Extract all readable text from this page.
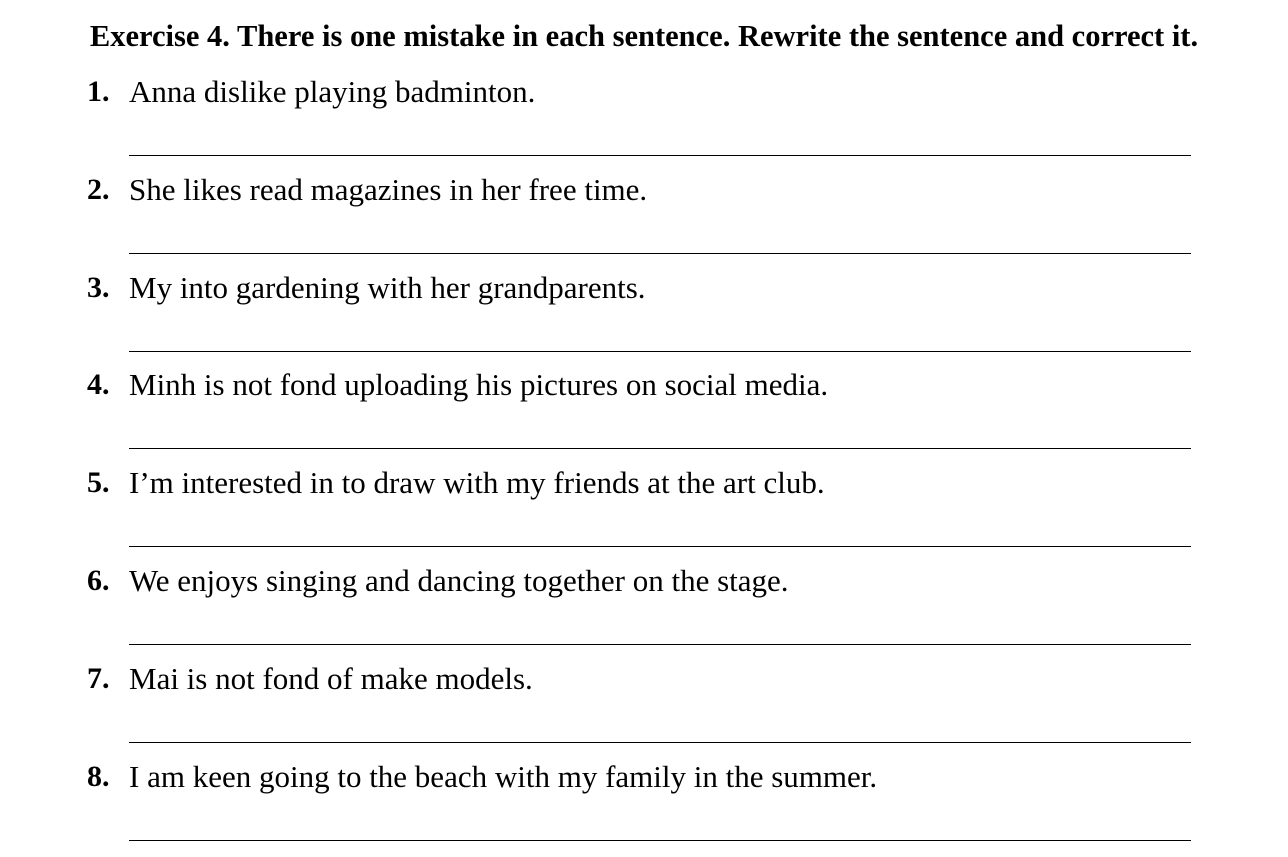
Exercise 4. There is one mistake in each sentence. Rewrite the sentence and correct it.
1. Anna dislike playing badminton.
2. She likes read magazines in her free time.
3. My into gardening with her grandparents.
4. Minh is not fond uploading his pictures on social media.
5. I’m interested in to draw with my friends at the art club.
6. We enjoys singing and dancing together on the stage.
7. Mai is not fond of make models.
8. I am keen going to the beach with my family in the summer.
